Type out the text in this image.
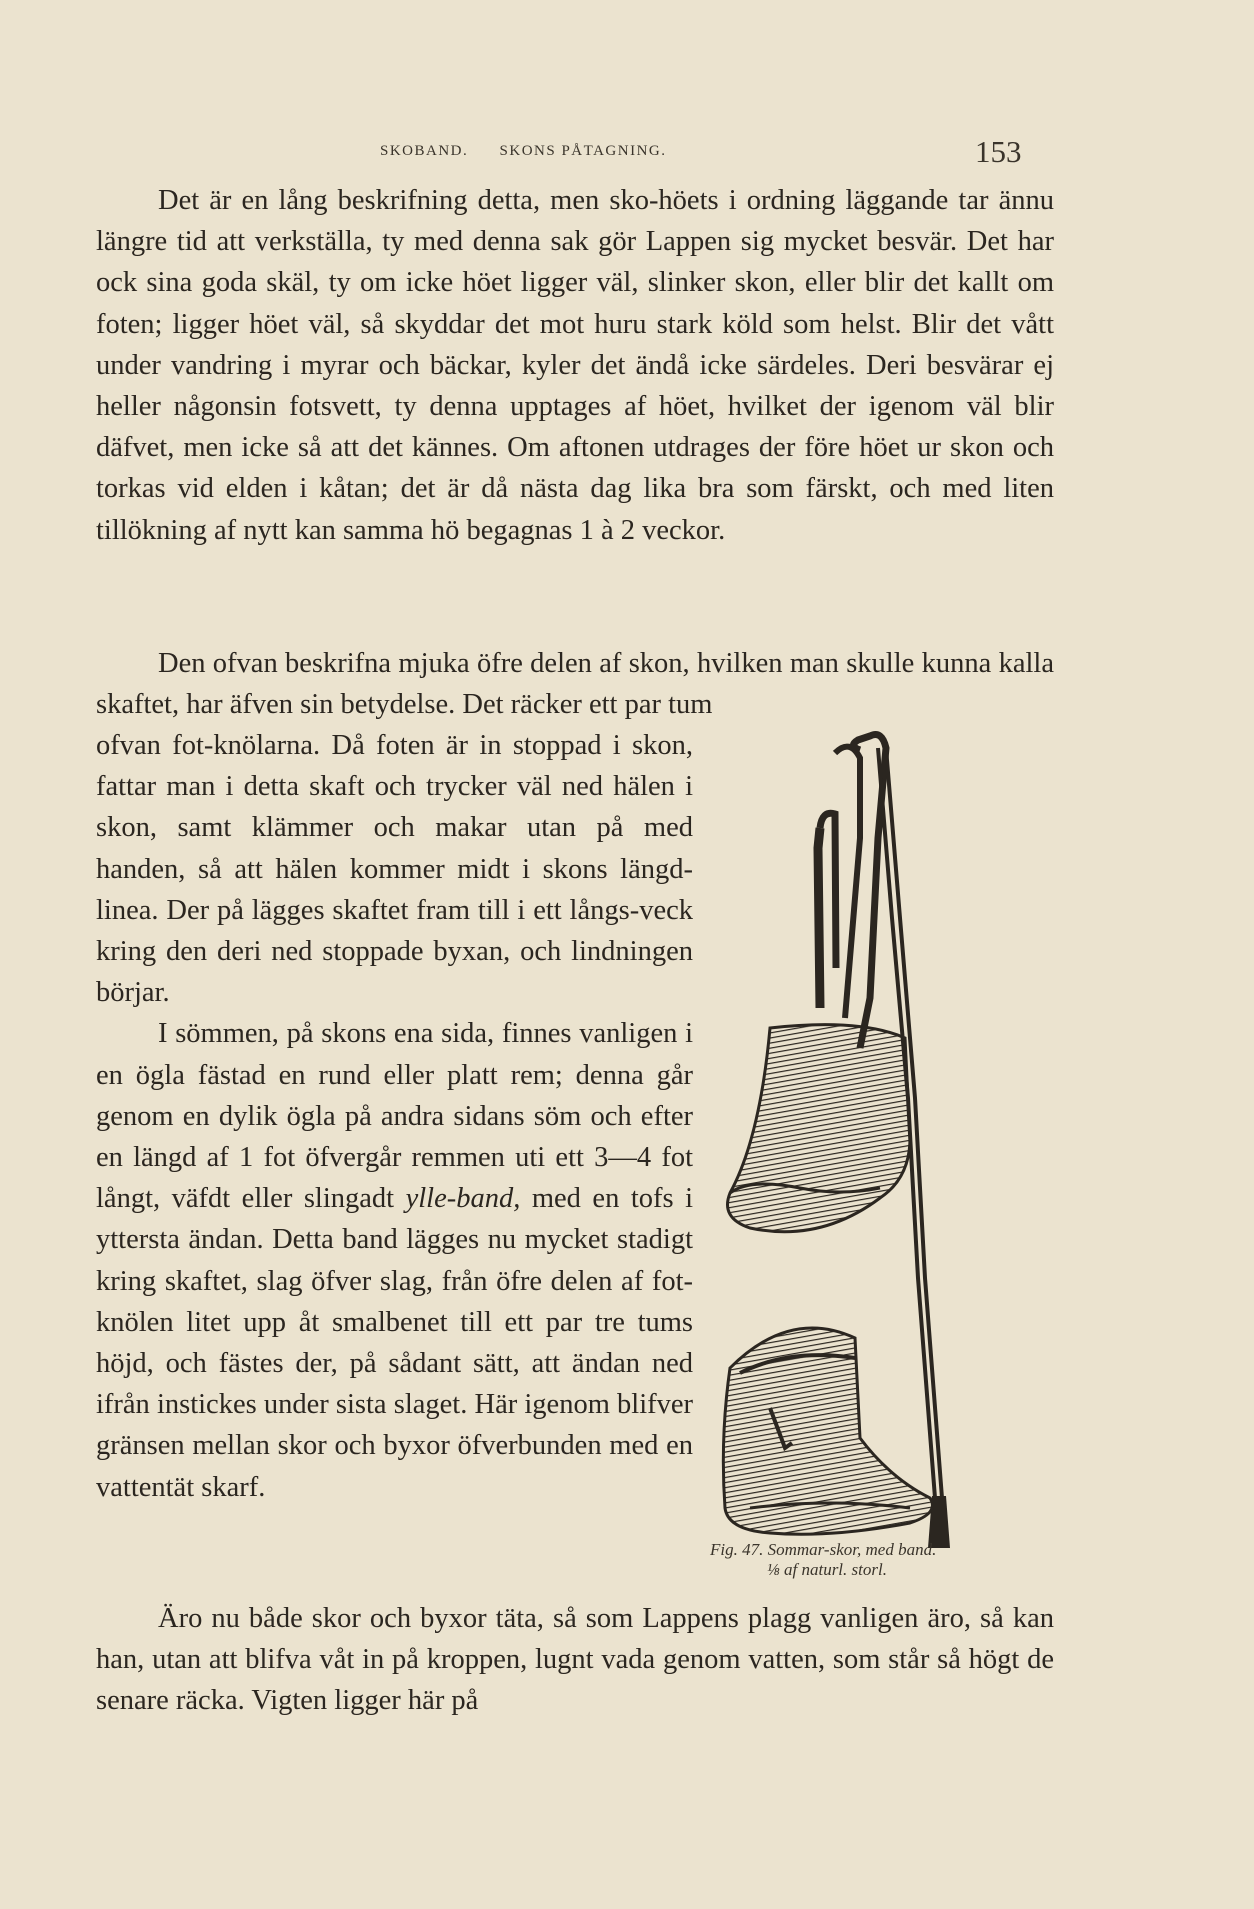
SKOBAND. SKONS PÅTAGNING.	153

Det är en lång beskrifning detta, men sko-höets i ordning läggande tar ännu längre tid att verkställa, ty med denna sak gör Lappen sig mycket besvär. Det har ock sina goda skäl, ty om icke höet ligger väl, slinker skon, eller blir det kallt om foten; ligger höet väl, så skyddar det mot huru stark köld som helst. Blir det vått under vandring i myrar och bäckar, kyler det ändå icke särdeles. Deri besvärar ej heller någonsin fotsvett, ty denna upptages af höet, hvilket der igenom väl blir däfvet, men icke så att det kännes. Om aftonen utdrages der före höet ur skon och torkas vid elden i kåtan; det är då nästa dag lika bra som färskt, och med liten tillökning af nytt kan samma hö begagnas 1 à 2 veckor.

Den ofvan beskrifna mjuka öfre delen af skon, hvilken man skulle kunna kalla skaftet, har äfven sin betydelse. Det räcker ett par tum

ofvan fot-knölarna. Då foten är in stoppad i skon, fattar man i detta skaft och trycker väl ned hälen i skon, samt klämmer och makar utan på med handen, så att hälen kommer midt i skons längd-linea. Der på lägges skaftet fram till i ett långs-veck kring den deri ned stoppade byxan, och lindningen börjar.

I sömmen, på skons ena sida, finnes vanligen i en ögla fästad en rund eller platt rem; denna går genom en dylik ögla på andra sidans söm och efter en längd af 1 fot öfvergår remmen uti ett 3—4 fot långt, väfdt eller slingadt ylle-band, med en tofs i yttersta ändan. Detta band lägges nu mycket stadigt kring skaftet, slag öfver slag, från öfre delen af fot-knölen litet upp åt smalbenet till ett par tre tums höjd, och fästes der, på sådant sätt, att ändan ned ifrån instickes under sista slaget. Här igenom blifver gränsen mellan skor och byxor öfverbunden med en vattentät skarf.

Äro nu både skor och byxor täta, så som Lappens plagg vanligen äro, så kan han, utan att blifva våt in på kroppen, lugnt vada genom vatten, som står så högt de senare räcka. Vigten ligger här på

Fig. 47. Sommar-skor, med band.
⅛ af naturl. storl.
